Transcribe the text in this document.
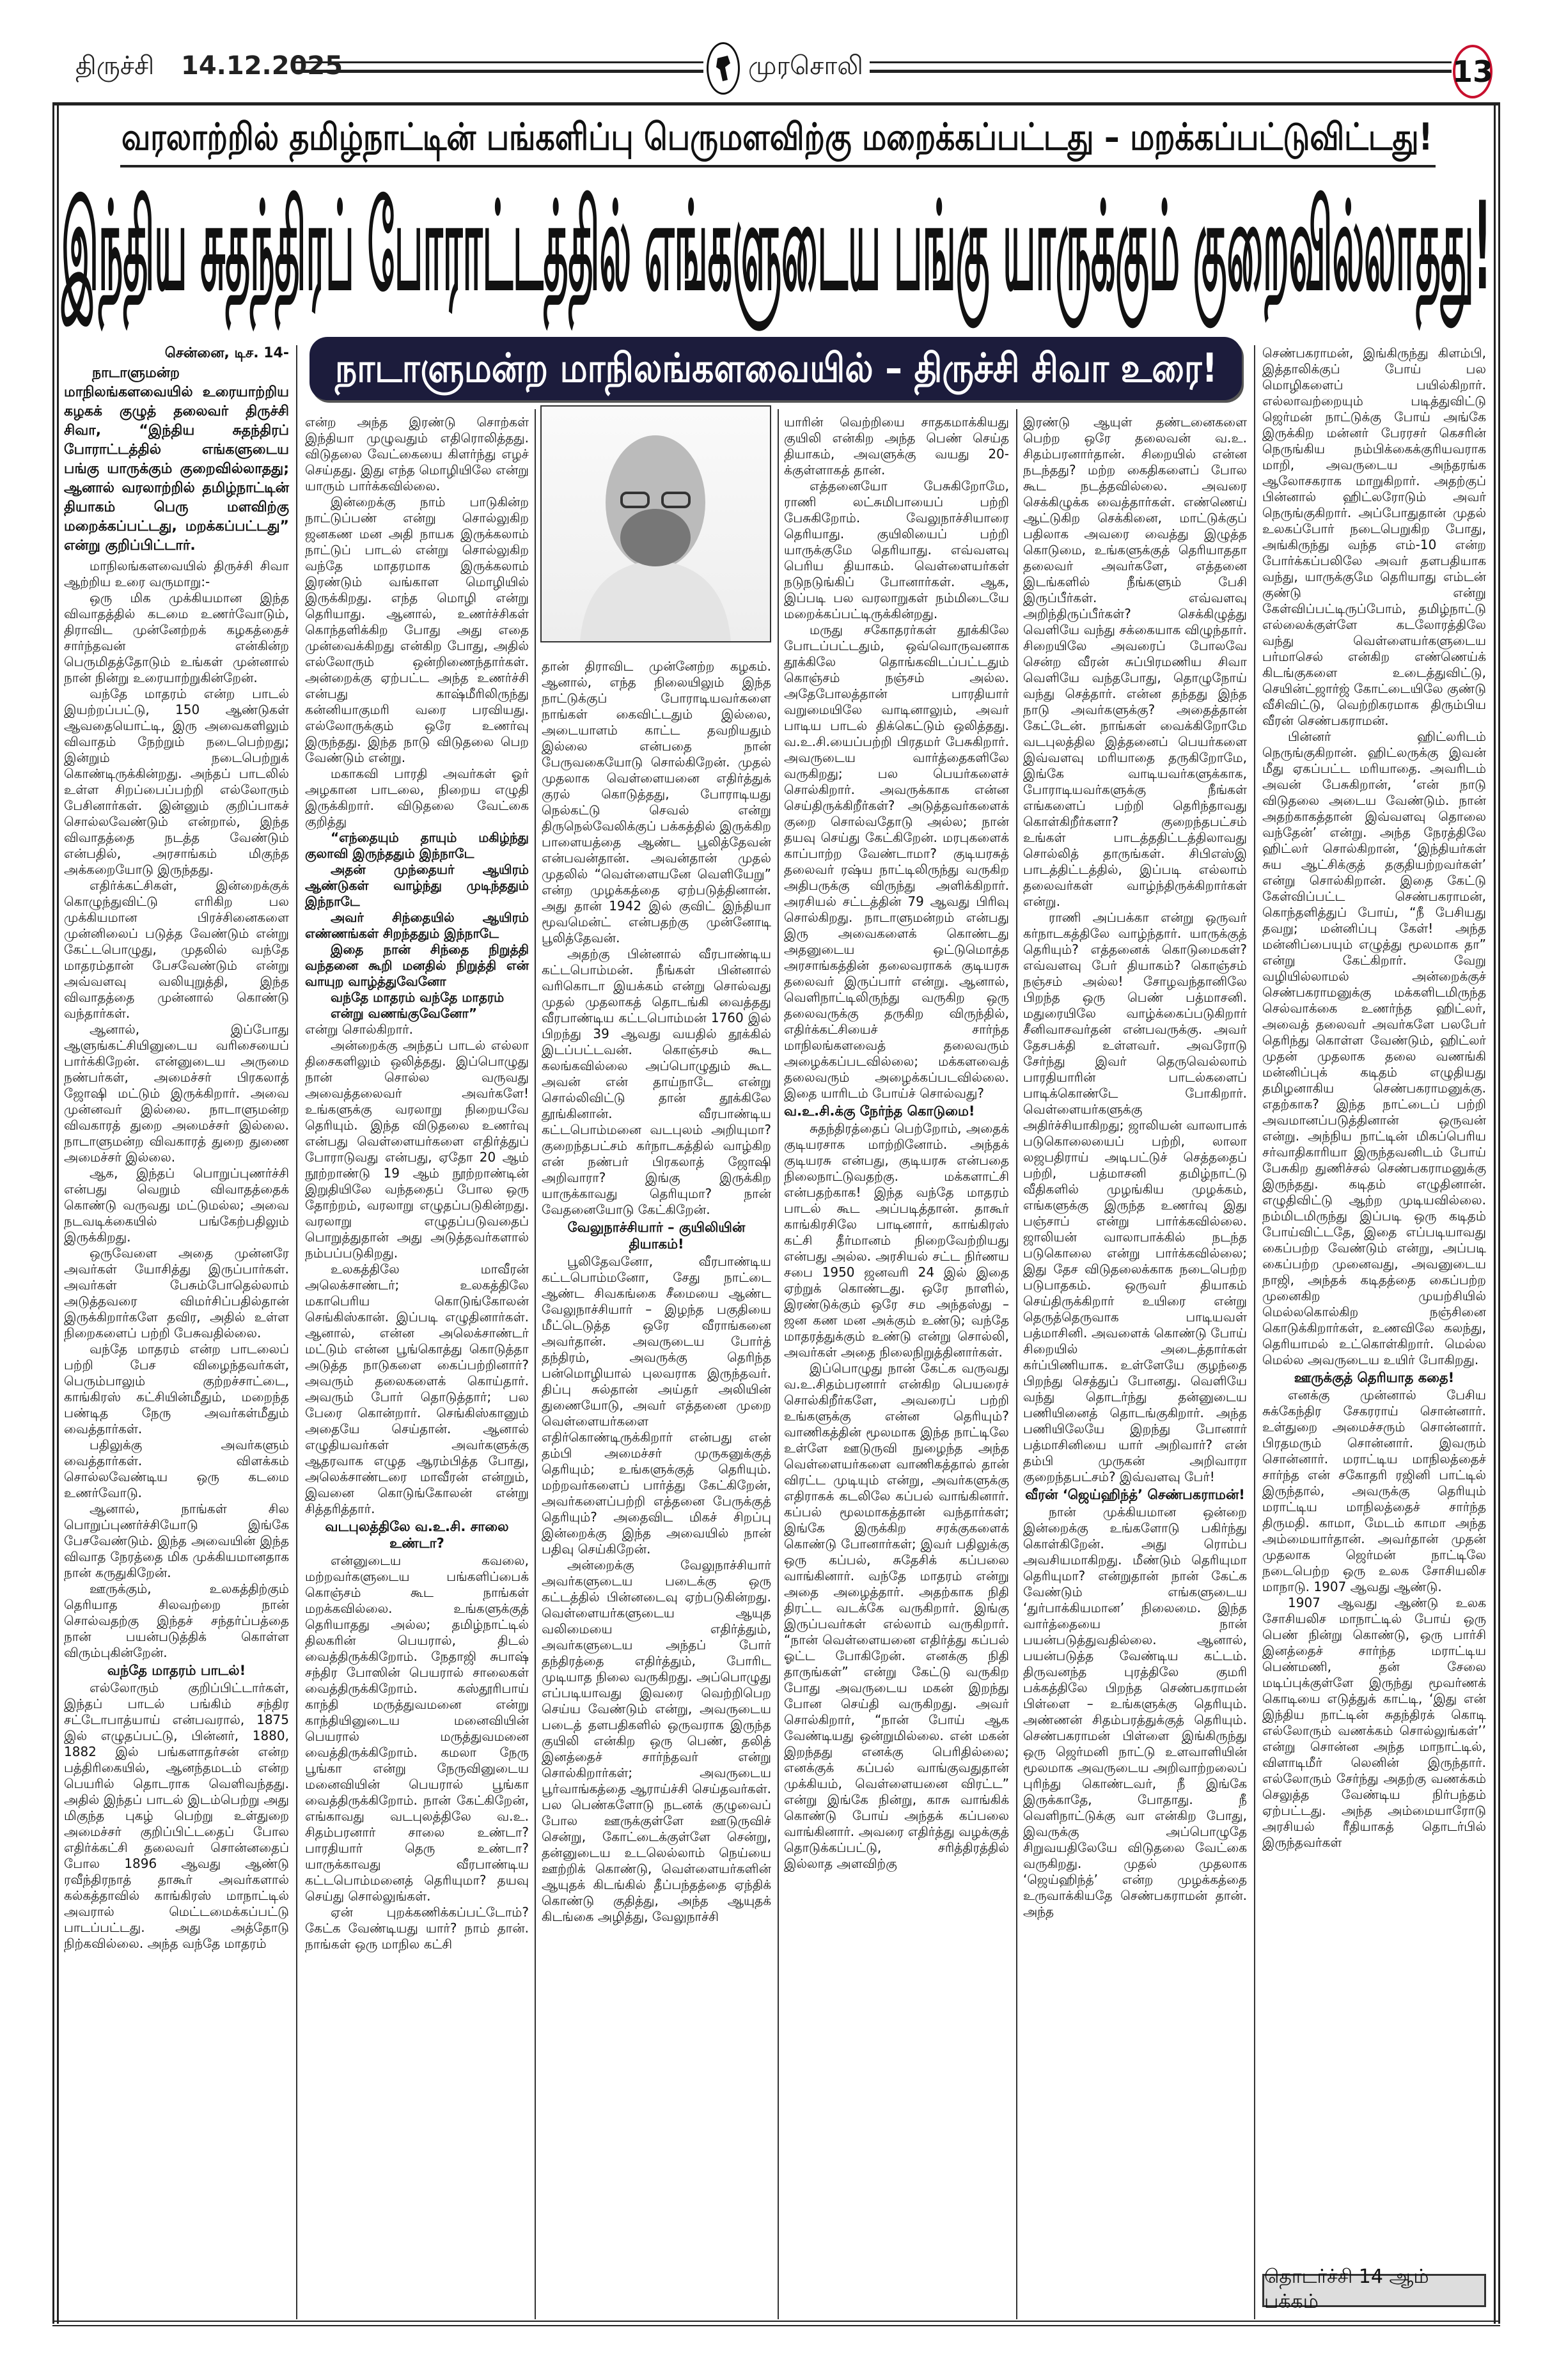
திருச்சி 14.12.2025	முரசொலி	13
வரலாற்றில் தமிழ்நாட்டின் பங்களிப்பு பெருமளவிற்கு மறைக்கப்பட்டது – மறக்கப்பட்டுவிட்டது!
இந்திய சுதந்திரப் போராட்டத்தில் எங்களுடைய பங்கு யாருக்கும் குறைவில்லாதது!
நாடாளுமன்ற மாநிலங்களவையில் – திருச்சி சிவா உரை!
சென்னை, டிச. 14-

நாடாளுமன்ற மாநிலங்களவையில் உரையாற்றிய கழகக் குழுத் தலைவர் திருச்சி சிவா, “இந்திய சுதந்திரப் போராட்டத்தில் எங்களுடைய பங்கு யாருக்கும் குறைவில்லாதது; ஆனால் வரலாற்றில் தமிழ்நாட்டின் தியாகம் பெரு மளவிற்கு மறைக்கப்பட்டது, மறக்கப்பட்டது” என்று குறிப்பிட்டார்.

மாநிலங்களவையில் திருச்சி சிவா ஆற்றிய உரை வருமாறு:-

ஒரு மிக முக்கியமான இந்த விவாதத்தில் கடமை உணர்வோடும், திராவிட முன்னேற்றக் கழகத்தைச் சார்ந்தவன் என்கின்ற பெருமிதத்தோடும் உங்கள் முன்னால் நான் நின்று உரையாற்றுகின்றேன்.

வந்தே மாதரம் என்ற பாடல் இயற்றப்பட்டு, 150 ஆண்டுகள் ஆவதையொட்டி, இரு அவைகளிலும் விவாதம் நேற்றும் நடைபெற்றது; இன்றும் நடைபெற்றுக் கொண்டிருக்கின்றது. அந்தப் பாடலில் உள்ள சிறப்பைப்பற்றி எல்லோரும் பேசினார்கள். இன்னும் குறிப்பாகச் சொல்லவேண்டும் என்றால், இந்த விவாதத்தை நடத்த வேண்டும் என்பதில், அரசாங்கம் மிகுந்த அக்கறையோடு இருந்தது.

எதிர்க்கட்சிகள், இன்றைக்குக் கொழுந்துவிட்டு எரிகிற பல முக்கியமான பிரச்சினைகளை முன்னிலைப் படுத்த வேண்டும் என்று கேட்டபொழுது, முதலில் வந்தே மாதரம்தான் பேசவேண்டும் என்று அவ்வளவு வலியுறுத்தி, இந்த விவாதத்தை முன்னால் கொண்டு வந்தார்கள்.

ஆனால், இப்போது ஆளுங்கட்சியினுடைய வரிசையைப் பார்க்கிறேன். என்னுடைய அருமை நண்பர்கள், அமைச்சர் பிரகலாத் ஜோஷி மட்டும் இருக்கிறார். அவை முன்னவர் இல்லை. நாடாளுமன்ற விவகாரத் துறை அமைச்சர் இல்லை. நாடாளுமன்ற விவகாரத் துறை துணை அமைச்சர் இல்லை.

ஆக, இந்தப் பொறுப்புணர்ச்சி என்பது வெறும் விவாதத்தைக் கொண்டு வருவது மட்டுமல்ல; அவை நடவடிக்கையில் பங்கேற்பதிலும் இருக்கிறது.

ஒருவேளை அதை முன்னரே அவர்கள் யோசித்து இருப்பார்கள். அவர்கள் பேசும்போதெல்லாம் அடுத்தவரை விமர்சிப்பதில்தான் இருக்கிறார்களே தவிர, அதில் உள்ள நிறைகளைப் பற்றி பேசுவதில்லை.

வந்தே மாதரம் என்ற பாடலைப் பற்றி பேச விழைந்தவர்கள், பெரும்பாலும் குற்றச்சாட்டை, காங்கிரஸ் கட்சியின்மீதும், மறைந்த பண்டித நேரு அவர்கள்மீதும் வைத்தார்கள்.

பதிலுக்கு அவர்களும் வைத்தார்கள். விளக்கம் சொல்லவேண்டிய ஒரு கடமை உணர்வோடு.

ஆனால், நாங்கள் சில பொறுப்புணர்ச்சியோடு இங்கே பேசவேண்டும். இந்த அவையின் இந்த விவாத நேரத்தை மிக முக்கியமானதாக நான் கருதுகிறேன்.

ஊருக்கும், உலகத்திற்கும் தெரியாத சிலவற்றை நான் சொல்வதற்கு இந்தச் சந்தர்ப்பத்தை நான் பயன்படுத்திக் கொள்ள விரும்புகின்றேன்.

வந்தே மாதரம் பாடல்!

எல்லோரும் குறிப்பிட்டார்கள், இந்தப் பாடல் பங்கிம் சந்திர சட்டோபாத்யாய் என்பவரால், 1875 இல் எழுதப்பட்டு, பின்னர், 1880, 1882 இல் பங்களாதர்சன் என்ற பத்திரிகையில், ஆனந்தமடம் என்ற பெயரில் தொடராக வெளிவந்தது. அதில் இந்தப் பாடல் இடம்பெற்று அது மிகுந்த புகழ் பெற்று உள்துறை அமைச்சர் குறிப்பிட்டதைப் போல எதிர்க்கட்சி தலைவர் சொன்னதைப் போல 1896 ஆவது ஆண்டு ரவீந்திரநாத் தாகூர் அவர்களால் கல்கத்தாவில் காங்கிரஸ் மாநாட்டில் அவரால் மெட்டமைக்கப்பட்டு பாடப்பட்டது. அது அத்தோடு நிற்கவில்லை. அந்த வந்தே மாதரம்

என்ற அந்த இரண்டு சொற்கள் இந்தியா முழுவதும் எதிரொலித்தது. விடுதலை வேட்கையை கிளர்ந்து எழச் செய்தது. இது எந்த மொழியிலே என்று யாரும் பார்க்கவில்லை.

இன்றைக்கு நாம் பாடுகின்ற நாட்டுப்பண் என்று சொல்லுகிற ஜனகண மன அதி நாயக இருக்கலாம் நாட்டுப் பாடல் என்று சொல்லுகிற வந்தே மாதரமாக இருக்கலாம் இரண்டும் வங்காள மொழியில் இருக்கிறது. எந்த மொழி என்று தெரியாது. ஆனால், உணர்ச்சிகள் கொந்தளிக்கிற போது அது எதை முன்வைக்கிறது என்கிற போது, அதில் எல்லோரும் ஒன்றிணைந்தார்கள். அன்றைக்கு ஏற்பட்ட அந்த உணர்ச்சி என்பது காஷ்மீரிலிருந்து கன்னியாகுமரி வரை பரவியது. எல்லோருக்கும் ஒரே உணர்வு இருந்தது. இந்த நாடு விடுதலை பெற வேண்டும் என்று.

மகாகவி பாரதி அவர்கள் ஓர் அழகான பாடலை, நிறைய எழுதி இருக்கிறார். விடுதலை வேட்கை குறித்து

“எந்தையும் தாயும் மகிழ்ந்து குலாவி இருந்ததும் இந்நாடே
அதன் முந்தையர் ஆயிரம் ஆண்டுகள் வாழ்ந்து முடிந்ததும் இந்நாடே
அவர் சிந்தையில் ஆயிரம் எண்ணங்கள் சிறந்ததும் இந்நாடே
இதை நான் சிந்தை நிறுத்தி வந்தனை கூறி மனதில் நிறுத்தி என் வாயுற வாழ்த்துவேனோ
வந்தே மாதரம் வந்தே மாதரம்
என்று வணங்குவேனோ”

என்று சொல்கிறார்.

அன்றைக்கு அந்தப் பாடல் எல்லா திசைகளிலும் ஒலித்தது. இப்பொழுது நான் சொல்ல வருவது அவைத்தலைவர் அவர்களே! உங்களுக்கு வரலாறு நிறையவே தெரியும். இந்த விடுதலை உணர்வு என்பது வெள்ளையர்களை எதிர்த்துப் போராடுவது என்பது, ஏதோ 20 ஆம் நூற்றாண்டு 19 ஆம் நூற்றாண்டின் இறுதியிலே வந்ததைப் போல ஒரு தோற்றம், வரலாறு எழுதப்படுகின்றது. வரலாறு எழுதப்படுவதைப் பொறுத்துதான் அது அடுத்தவர்களால் நம்பப்படுகிறது.

உலகத்திலே மாவீரன் அலெக்சாண்டர்; உலகத்திலே மகாபெரிய கொடுங்கோலன் செங்கிஸ்கான். இப்படி எழுதினார்கள். ஆனால், என்ன அலெக்சாண்டர் மட்டும் என்ன பூங்கொத்து கொடுத்தா அடுத்த நாடுகளை கைப்பற்றினார்? அவரும் தலைகளைக் கொய்தார். அவரும் போர் தொடுத்தார்; பல பேரை கொன்றார். செங்கிஸ்கானும் அதையே செய்தான். ஆனால் எழுதியவர்கள் அவர்களுக்கு ஆதரவாக எழுத ஆரம்பித்த போது, அலெக்சாண்டரை மாவீரன் என்றும், இவனை கொடுங்கோலன் என்று சித்தரித்தார்.

வடபுலத்திலே வ.உ.சி. சாலை உண்டா?

என்னுடைய கவலை, மற்றவர்களுடைய பங்களிப்பைக் கொஞ்சம் கூட நாங்கள் மறக்கவில்லை. உங்களுக்குத் தெரியாதது அல்ல; தமிழ்நாட்டில் திலகரின் பெயரால், திடல் வைத்திருக்கிறோம். நேதாஜி சுபாஷ் சந்திர போஸின் பெயரால் சாலைகள் வைத்திருக்கிறோம். கஸ்தூரிபாய் காந்தி மருத்துவமனை என்று காந்தியினுடைய மனைவியின் பெயரால் மருத்துவமனை வைத்திருக்கிறோம். கமலா நேரு பூங்கா என்று நேருவினுடைய மனைவியின் பெயரால் பூங்கா வைத்திருக்கிறோம். நான் கேட்கிறேன், எங்காவது வடபுலத்திலே வ.உ. சிதம்பரனார் சாலை உண்டா? பாரதியார் தெரு உண்டா? யாருக்காவது வீரபாண்டிய கட்டபொம்மனைத் தெரியுமா? தயவு செய்து சொல்லுங்கள்.

ஏன் புறக்கணிக்கப்பட்டோம்? கேட்க வேண்டியது யார்? நாம் தான். நாங்கள் ஒரு மாநில கட்சி

தான் திராவிட முன்னேற்ற கழகம். ஆனால், எந்த நிலையிலும் இந்த நாட்டுக்குப் போராடியவர்களை நாங்கள் கைவிட்டதும் இல்லை, அடையாளம் காட்ட தவறியதும் இல்லை என்பதை நான் பேருவகையோடு சொல்கிறேன். முதல் முதலாக வெள்ளையனை எதிர்த்துக் குரல் கொடுத்தது, போராடியது நெல்கட்டு செவல் என்று திருநெல்வேலிக்குப் பக்கத்தில் இருக்கிற பாளையத்தை ஆண்ட பூலித்தேவன் என்பவன்தான். அவன்தான் முதல் முதலில் “வெள்ளையனே வெளியேறு” என்ற முழக்கத்தை ஏற்படுத்தினான். அது தான் 1942 இல் குவிட் இந்தியா மூவமென்ட் என்பதற்கு முன்னோடி பூலித்தேவன்.

அதற்கு பின்னால் வீரபாண்டிய கட்டபொம்மன். நீங்கள் பின்னால் வரிகொடா இயக்கம் என்று சொல்வது முதல் முதலாகத் தொடங்கி வைத்தது வீரபாண்டிய கட்டபொம்மன் 1760 இல் பிறந்து 39 ஆவது வயதில் தூக்கில் இடப்பட்டவன். கொஞ்சம் கூட கலங்கவில்லை அப்பொழுதும் கூட அவன் என் தாய்நாடே என்று சொல்லிவிட்டு தான் தூக்கிலே தூங்கினான். வீரபாண்டிய கட்டபொம்மனை வடபுலம் அறியுமா? குறைந்தபட்சம் கர்நாடகத்தில் வாழ்கிற என் நண்பர் பிரகலாத் ஜோஷி அறிவாரா? இங்கு இருக்கிற யாருக்காவது தெரியுமா? நான் வேதனையோடு கேட்கிறேன்.

வேலுநாச்சியார் – குயிலியின் தியாகம்!

பூலிதேவனோ, வீரபாண்டிய கட்டபொம்மனோ, சேது நாட்டை ஆண்ட சிவகங்கை சீமையை ஆண்ட வேலுநாச்சியார் – இழந்த பகுதியை மீட்டெடுத்த ஒரே வீராங்கனை அவர்தான். அவருடைய போர்த் தந்திரம், அவருக்கு தெரிந்த பன்மொழியால் புலவராக இருந்தவர். திப்பு சுல்தான் அய்தர் அலியின் துணையோடு, அவர் எத்தனை முறை வெள்ளையர்களை எதிர்கொண்டிருக்கிறார் என்பது என் தம்பி அமைச்சர் முருகனுக்குத் தெரியும்; உங்களுக்குத் தெரியும். மற்றவர்களைப் பார்த்து கேட்கிறேன், அவர்களைப்பற்றி எத்தனை பேருக்குத் தெரியும்? அதைவிட மிகச் சிறப்பு இன்றைக்கு இந்த அவையில் நான் பதிவு செய்கிறேன்.

அன்றைக்கு வேலுநாச்சியார் அவர்களுடைய படைக்கு ஒரு கட்டத்தில் பின்னடைவு ஏற்படுகின்றது. வெள்ளையர்களுடைய ஆயுத வலிமையை எதிர்த்தும், அவர்களுடைய அந்தப் போர் தந்திரத்தை எதிர்த்தும், போரிட முடியாத நிலை வருகிறது. அப்பொழுது எப்படியாவது இவரை வெற்றிபெற செய்ய வேண்டும் என்று, அவருடைய படைத் தளபதிகளில் ஒருவராக இருந்த குயிலி என்கிற ஒரு பெண், தலித் இனத்தைச் சார்ந்தவர் என்று சொல்கிறார்கள்; அவருடைய பூர்வாங்கத்தை ஆராய்ச்சி செய்தவர்கள். பல பெண்களோடு நடனக் குழுவைப் போல ஊருக்குள்ளே ஊடுருவிச் சென்று, கோட்டைக்குள்ளே சென்று, தன்னுடைய உடலெல்லாம் நெய்யை ஊற்றிக் கொண்டு, வெள்ளையர்களின் ஆயுதக் கிடங்கில் தீப்பந்தத்தை ஏந்திக் கொண்டு குதித்து, அந்த ஆயுதக் கிடங்கை அழித்து, வேலுநாச்சி

யாரின் வெற்றியை சாதகமாக்கியது குயிலி என்கிற அந்த பெண் செய்த தியாகம், அவளுக்கு வயது 20-க்குள்ளாகத் தான்.

எத்தனையோ பேசுகிறோமே, ராணி லட்சுமிபாயைப் பற்றி பேசுகிறோம். வேலுநாச்சியாரை தெரியாது. குயிலியைப் பற்றி யாருக்குமே தெரியாது. எவ்வளவு பெரிய தியாகம். வெள்ளையர்கள் நடுநடுங்கிப் போனார்கள். ஆக, இப்படி பல வரலாறுகள் நம்மிடையே மறைக்கப்பட்டிருக்கின்றது.

மருது சகோதரர்கள் தூக்கிலே போடப்பட்டதும், ஒவ்வொருவனாக தூக்கிலே தொங்கவிடப்பட்டதும் கொஞ்சம் நஞ்சம் அல்ல. அதேபோலத்தான் பாரதியார் வறுமையிலே வாடினாலும், அவர் பாடிய பாடல் திக்கெட்டும் ஒலித்தது. வ.உ.சி.யைப்பற்றி பிரதமர் பேசுகிறார். அவருடைய வார்த்தைகளிலே வருகிறது; பல பெயர்களைச் சொல்கிறார். அவருக்காக என்ன செய்திருக்கிறீர்கள்? அடுத்தவர்களைக் குறை சொல்வதோடு அல்ல; நான் தயவு செய்து கேட்கிறேன். மரபுகளைக் காப்பாற்ற வேண்டாமா? குடியரசுத் தலைவர் ரஷ்ய நாட்டிலிருந்து வருகிற அதிபருக்கு விருந்து அளிக்கிறார். அரசியல் சட்டத்தின் 79 ஆவது பிரிவு சொல்கிறது. நாடாளுமன்றம் என்பது இரு அவைகளைக் கொண்டது அதனுடைய ஒட்டுமொத்த அரசாங்கத்தின் தலைவராகக் குடியரசு தலைவர் இருப்பார் என்று. ஆனால், வெளிநாட்டிலிருந்து வருகிற ஒரு தலைவருக்கு தருகிற விருந்தில், எதிர்க்கட்சியைச் சார்ந்த மாநிலங்களவைத் தலைவரும் அழைக்கப்படவில்லை; மக்களவைத் தலைவரும் அழைக்கப்படவில்லை. இதை யாரிடம் போய்ச் சொல்வது?

வ.உ.சி.க்கு நேர்ந்த கொடுமை!

சுதந்திரத்தைப் பெற்றோம், அதைக் குடியரசாக மாற்றினோம். அந்தக் குடியரசு என்பது, குடியரசு என்பதை நிலைநாட்டுவதற்கு. மக்களாட்சி என்பதற்காக! இந்த வந்தே மாதரம் பாடல் கூட அப்படித்தான். தாகூர் காங்கிரசிலே பாடினார், காங்கிரஸ் கட்சி தீர்மானம் நிறைவேற்றியது என்பது அல்ல. அரசியல் சட்ட நிர்ணய சபை 1950 ஜனவரி 24 இல் இதை ஏற்றுக் கொண்டது. ஒரே நாளில், இரண்டுக்கும் ஒரே சம அந்தஸ்து – ஜன கண மன அக்கும் உண்டு; வந்தே மாதரத்துக்கும் உண்டு என்று சொல்லி, அவர்கள் அதை நிலைநிறுத்தினார்கள்.

இப்பொழுது நான் கேட்க வருவது வ.உ.சிதம்பரனார் என்கிற பெயரைச் சொல்கிறீர்களே, அவரைப் பற்றி உங்களுக்கு என்ன தெரியும்? வாணிகத்தின் மூலமாக இந்த நாட்டிலே உள்ளே ஊடுருவி நுழைந்த அந்த வெள்ளையர்களை வாணிகத்தால் தான் விரட்ட முடியும் என்று, அவர்களுக்கு எதிராகக் கடலிலே கப்பல் வாங்கினார். கப்பல் மூலமாகத்தான் வந்தார்கள்; இங்கே இருக்கிற சரக்குகளைக் கொண்டு போனார்கள்; இவர் பதிலுக்கு ஒரு கப்பல், சுதேசிக் கப்பலை வாங்கினார். வந்தே மாதரம் என்று அதை அழைத்தார். அதற்காக நிதி திரட்ட வடக்கே வருகிறார். இங்கு இருப்பவர்கள் எல்லாம் வருகிறார். “நான் வெள்ளையனை எதிர்த்து கப்பல் ஓட்ட போகிறேன். எனக்கு நிதி தாருங்கள்” என்று கேட்டு வருகிற போது அவருடைய மகன் இறந்து போன செய்தி வருகிறது. அவர் சொல்கிறார், “நான் போய் ஆக வேண்டியது ஒன்றுமில்லை. என் மகன் இறந்தது எனக்கு பெரிதில்லை; எனக்குக் கப்பல் வாங்குவதுதான் முக்கியம், வெள்ளையனை விரட்ட” என்று இங்கே நின்று, காசு வாங்கிக் கொண்டு போய் அந்தக் கப்பலை வாங்கினார். அவரை எதிர்த்து வழக்குத் தொடுக்கப்பட்டு, சரித்திரத்தில் இல்லாத அளவிற்கு

இரண்டு ஆயுள் தண்டனைகளை பெற்ற ஒரே தலைவன் வ.உ. சிதம்பரனார்தான். சிறையில் என்ன நடந்தது? மற்ற கைதிகளைப் போல கூட நடத்தவில்லை. அவரை செக்கிழுக்க வைத்தார்கள். எண்ணெய் ஆட்டுகிற செக்கினை, மாட்டுக்குப் பதிலாக அவரை வைத்து இழுத்த கொடுமை, உங்களுக்குத் தெரியாததா தலைவர் அவர்களே, எத்தனை இடங்களில் நீங்களும் பேசி இருப்பீர்கள். எவ்வளவு அறிந்திருப்பீர்கள்? செக்கிழுத்து வெளியே வந்து சக்கையாக விழுந்தார். சிறையிலே அவரைப் போலவே சென்ற வீரன் சுப்பிரமணிய சிவா வெளியே வந்தபோது, தொழுநோய் வந்து செத்தார். என்ன தந்தது இந்த நாடு அவர்களுக்கு? அதைத்தான் கேட்டேன். நாங்கள் வைக்கிறோமே வடபுலத்தில இத்தனைப் பெயர்களை இவ்வளவு மரியாதை தருகிறோமே, இங்கே வாடியவர்களுக்காக, போராடியவர்களுக்கு நீங்கள் எங்களைப் பற்றி தெரிந்தாவது கொள்கிறீர்களா? குறைந்தபட்சம் உங்கள் பாடத்ததிட்டத்திலாவது சொல்லித் தாருங்கள். சிபிஎஸ்இ பாடத்திட்டத்தில், இப்படி எல்லாம் தலைவர்கள் வாழ்ந்திருக்கிறார்கள் என்று.

ராணி அப்பக்கா என்று ஒருவர் கர்நாடகத்திலே வாழ்ந்தார். யாருக்குத் தெரியும்? எத்தனைக் கொடுமைகள்? எவ்வளவு பேர் தியாகம்? கொஞ்சம் நஞ்சம் அல்ல! சோழவந்தானிலே பிறந்த ஒரு பெண் பத்மாசனி. மதுரையிலே வாழ்க்கைப்படுகிறார் சீனிவாசவர்தன் என்பவருக்கு. அவர் தேசபக்தி உள்ளவர். அவரோடு சேர்ந்து இவர் தெருவெல்லாம் பாரதியாரின் பாடல்களைப் பாடிக்கொண்டே போகிறார். வெள்ளையர்களுக்கு அதிர்ச்சியாகிறது; ஜாலியன் வாலாபாக் படுகொலையைப் பற்றி, லாலா லஜபதிராய் அடிபட்டுச் செத்ததைப் பற்றி, பத்மாசனி தமிழ்நாட்டு வீதிகளில் முழங்கிய முழக்கம், எங்களுக்கு இருந்த உணர்வு இது பஞ்சாப் என்று பார்க்கவில்லை. ஜாலியன் வாலாபாக்கில் நடந்த படுகொலை என்று பார்க்கவில்லை; இது தேச விடுதலைக்காக நடைபெற்ற படுபாதகம். ஒருவர் தியாகம் செய்திருக்கிறார் உயிரை என்று தெருத்தெருவாக பாடியவள் பத்மாசினி. அவளைக் கொண்டு போய் சிறையில் அடைத்தார்கள் கர்ப்பிணியாக. உள்ளேயே குழந்தை பிறந்து செத்துப் போனது. வெளியே வந்து தொடர்ந்து தன்னுடைய பணியினைத் தொடங்குகிறார். அந்த பணியிலேயே இறந்து போனார் பத்மாசினியை யார் அறிவார்? என் தம்பி முருகன் அறிவாரா குறைந்தபட்சம்? இவ்வளவு பேர்!

வீரன் ‘ஜெய்ஹிந்த்’ செண்பகராமன்!

நான் முக்கியமான ஒன்றை இன்றைக்கு உங்களோடு பகிர்ந்து கொள்கிறேன். அது ரொம்ப அவசியமாகிறது. மீண்டும் தெரியுமா தெரியுமா? என்றுதான் நான் கேட்க வேண்டும் எங்களுடைய ‘துர்பாக்கியமான’ நிலைமை. இந்த வார்த்தையை நான் பயன்படுத்துவதில்லை. ஆனால், பயன்படுத்த வேண்டிய கட்டம். திருவனந்த புரத்திலே குமரி பக்கத்திலே பிறந்த செண்பகராமன் பிள்ளை – உங்களுக்கு தெரியும். அண்ணன் சிதம்பரத்துக்குத் தெரியும். செண்பகராமன் பிள்ளை இங்கிருந்து ஒரு ஜெர்மனி நாட்டு உளவாளியின் மூலமாக அவருடைய அறிவாற்றலைப் புரிந்து கொண்டவர், நீ இங்கே இருக்காதே, போதாது. நீ வெளிநாட்டுக்கு வா என்கிற போது, இவருக்கு அப்பொழுதே சிறுவயதிலேயே விடுதலை வேட்கை வருகிறது. முதல் முதலாக ‘ஜெய்ஹிந்த்’ என்ற முழக்கத்தை உருவாக்கியதே செண்பகராமன் தான். அந்த

செண்பகராமன், இங்கிருந்து கிளம்பி, இத்தாலிக்குப் போய் பல மொழிகளைப் பயில்கிறார். எல்லாவற்றையும் படித்துவிட்டு ஜெர்மன் நாட்டுக்கு போய் அங்கே இருக்கிற மன்னர் பேரரசர் கெசரின் நெருங்கிய நம்பிக்கைக்குரியவராக மாறி, அவருடைய அந்தரங்க ஆலோசகராக மாறுகிறார். அதற்குப் பின்னால் ஹிட்லரோடும் அவர் நெருங்குகிறார். அப்போதுதான் முதல் உலகப்போர் நடைபெறுகிற போது, அங்கிருந்து வந்த எம்-10 என்ற போர்க்கப்பலிலே அவர் தளபதியாக வந்து, யாருக்குமே தெரியாது எம்டன் குண்டு என்று கேள்விப்பட்டிருப்போம், தமிழ்நாட்டு எல்லைக்குள்ளே கடலோரத்திலே வந்து வெள்ளையர்களுடைய பர்மாசெல் என்கிற எண்ணெய்க் கிடங்குகளை உடைத்துவிட்டு, செயின்ட்ஜார்ஜ் கோட்டையிலே குண்டு வீசிவிட்டு, வெற்றிகரமாக திரும்பிய வீரன் செண்பகராமன்.

பின்னர் ஹிட்லரிடம் நெருங்குகிறான். ஹிட்லருக்கு இவன் மீது ஏகப்பட்ட மரியாதை. அவரிடம் அவன் பேசுகிறான், ‘என் நாடு விடுதலை அடைய வேண்டும். நான் அதற்காகத்தான் இவ்வளவு தொலை வந்தேன்’ என்று. அந்த நேரத்திலே ஹிட்லர் சொல்கிறான், ‘இந்தியர்கள் சுய ஆட்சிக்குத் தகுதியற்றவர்கள்’ என்று சொல்கிறான். இதை கேட்டு கேள்விப்பட்ட செண்பகராமன், கொந்தளித்துப் போய், “நீ பேசியது தவறு; மன்னிப்பு கேள்! அந்த மன்னிப்பையும் எழுத்து மூலமாக தா” என்று கேட்கிறார். வேறு வழியில்லாமல் அன்றைக்குச் செண்பகராமனுக்கு மக்களிடமிருந்த செல்வாக்கை உணர்ந்த ஹிட்லர், அவைத் தலைவர் அவர்களே பலபேர் தெரிந்து கொள்ள வேண்டும், ஹிட்லர் முதன் முதலாக தலை வணங்கி மன்னிப்புக் கடிதம் எழுதியது தமிழனாகிய செண்பகராமனுக்கு. எதற்காக? இந்த நாட்டைப் பற்றி அவமானப்படுத்தினான் ஒருவன் என்று. அந்நிய நாட்டின் மிகப்பெரிய சர்வாதிகாரியா இருந்தவனிடம் போய் பேசுகிற துணிச்சல் செண்பகராமனுக்கு இருந்தது. கடிதம் எழுதினான். எழுதிவிட்டு ஆற்ற முடியவில்லை. நம்மிடமிருந்து இப்படி ஒரு கடிதம் போய்விட்டதே, இதை எப்படியாவது கைப்பற்ற வேண்டும் என்று, அப்படி கைப்பற்ற முனைவது, அவனுடைய நாஜி, அந்தக் கடிதத்தை கைப்பற்ற முனைகிற முயற்சியில் மெல்லகொல்கிற நஞ்சினை கொடுக்கிறார்கள், உணவிலே கலந்து, தெரியாமல் உட்கொள்கிறார். மெல்ல மெல்ல அவருடைய உயிர் போகிறது.

ஊருக்குத் தெரியாத கதை!

எனக்கு முன்னால் பேசிய சுக்கேந்திர சேகரராய் சொன்னார். உள்துறை அமைச்சரும் சொன்னார். பிரதமரும் சொன்னார். இவரும் சொன்னார். மராட்டிய மாநிலத்தைச் சார்ந்த என் சகோதரி ரஜினி பாட்டில் இருந்தால், அவருக்கு தெரியும் மராட்டிய மாநிலத்தைச் சார்ந்த திருமதி. காமா, மேடம் காமா அந்த அம்மையார்தான். அவர்தான் முதன் முதலாக ஜெர்மன் நாட்டிலே நடைபெற்ற ஒரு உலக சோசியலிச மாநாடு. 1907 ஆவது ஆண்டு.

1907 ஆவது ஆண்டு உலக சோசியலிச மாநாட்டில் போய் ஒரு பெண் நின்று கொண்டு, ஒரு பார்சி இனத்தைச் சார்ந்த மராட்டிய பெண்மணி, தன் சேலை மடிப்புக்குள்ளே இருந்து மூவர்ணக் கொடியை எடுத்துக் காட்டி, ‘இது என் இந்திய நாட்டின் சுதந்திரக் கொடி எல்லோரும் வணக்கம் சொல்லுங்கள்’’ என்று சொன்ன அந்த மாநாட்டில், விளாடிமீர் லெனின் இருந்தார். எல்லோரும் சேர்ந்து அதற்கு வணக்கம் செலுத்த வேண்டிய நிர்பந்தம் ஏற்பட்டது. அந்த அம்மையாரோடு அரசியல் ரீதியாகத் தொடர்பில் இருந்தவர்கள்

தொடர்ச்சி 14 ஆம் பக்கம்
